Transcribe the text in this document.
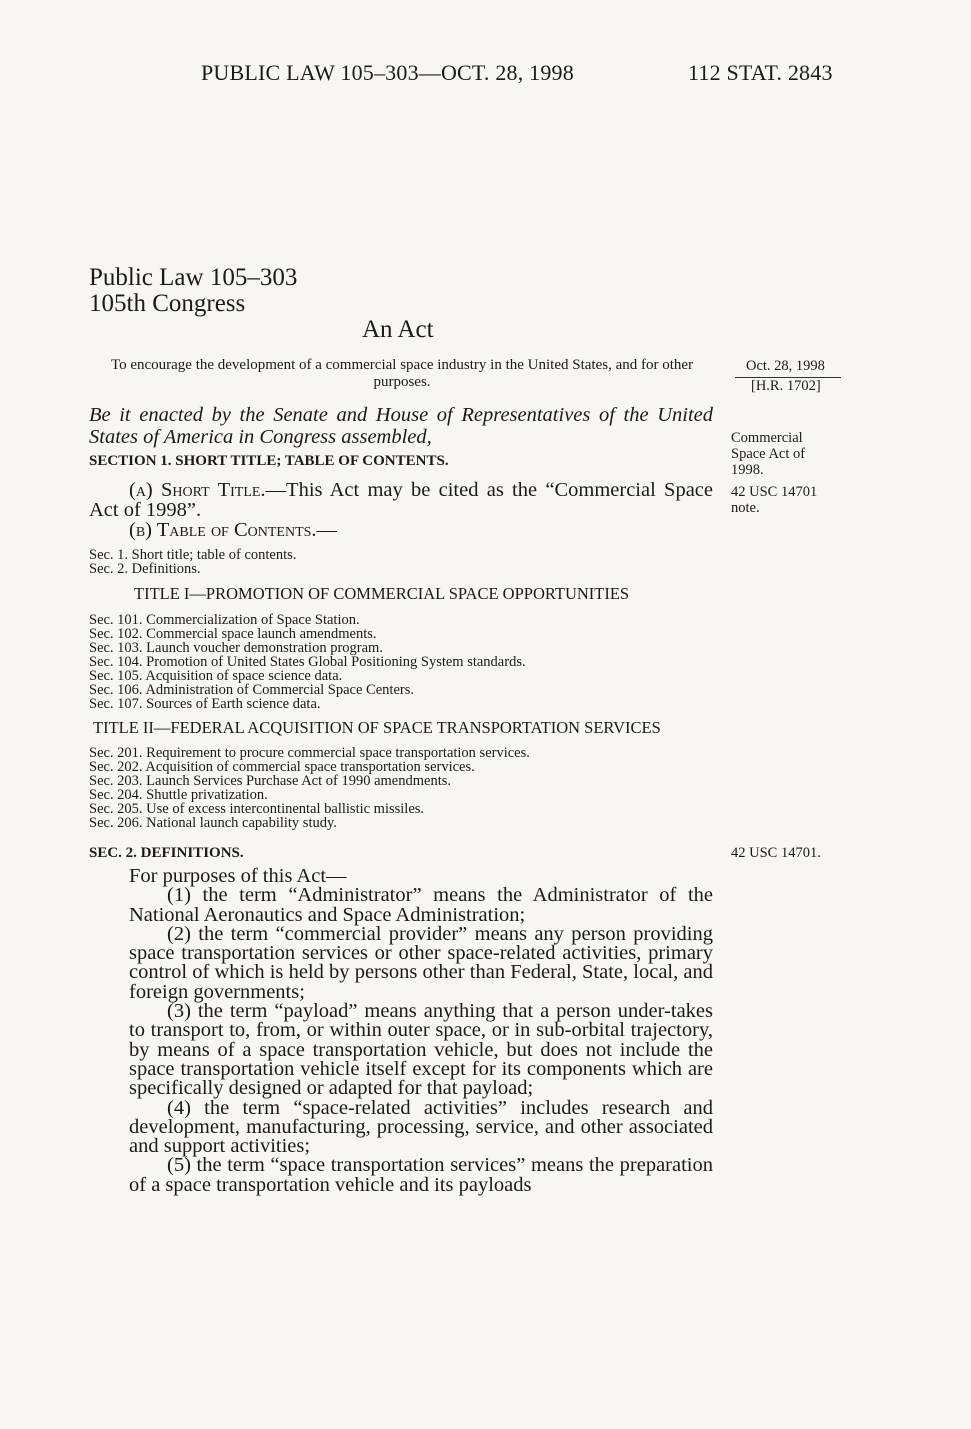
PUBLIC LAW 105–303—OCT. 28, 1998	112 STAT. 2843
Public Law 105–303
105th Congress
An Act
To encourage the development of a commercial space industry in the United States, and for other purposes.
Oct. 28, 1998
[H.R. 1702]
Commercial Space Act of 1998.
42 USC 14701 note.
42 USC 14701.
Be it enacted by the Senate and House of Representatives of the United States of America in Congress assembled,
SECTION 1. SHORT TITLE; TABLE OF CONTENTS.
(a) Short Title.—This Act may be cited as the “Commercial Space Act of 1998”.
(b) Table of Contents.—
Sec. 1. Short title; table of contents.
Sec. 2. Definitions.
TITLE I—PROMOTION OF COMMERCIAL SPACE OPPORTUNITIES
Sec. 101. Commercialization of Space Station.
Sec. 102. Commercial space launch amendments.
Sec. 103. Launch voucher demonstration program.
Sec. 104. Promotion of United States Global Positioning System standards.
Sec. 105. Acquisition of space science data.
Sec. 106. Administration of Commercial Space Centers.
Sec. 107. Sources of Earth science data.
TITLE II—FEDERAL ACQUISITION OF SPACE TRANSPORTATION SERVICES
Sec. 201. Requirement to procure commercial space transportation services.
Sec. 202. Acquisition of commercial space transportation services.
Sec. 203. Launch Services Purchase Act of 1990 amendments.
Sec. 204. Shuttle privatization.
Sec. 205. Use of excess intercontinental ballistic missiles.
Sec. 206. National launch capability study.
SEC. 2. DEFINITIONS.

For purposes of this Act—

(1) the term “Administrator” means the Administrator of the National Aeronautics and Space Administration;

(2) the term “commercial provider” means any person providing space transportation services or other space-related activities, primary control of which is held by persons other than Federal, State, local, and foreign governments;

(3) the term “payload” means anything that a person under-takes to transport to, from, or within outer space, or in sub-orbital trajectory, by means of a space transportation vehicle, but does not include the space transportation vehicle itself except for its components which are specifically designed or adapted for that payload;

(4) the term “space-related activities” includes research and development, manufacturing, processing, service, and other associated and support activities;

(5) the term “space transportation services” means the preparation of a space transportation vehicle and its payloads
